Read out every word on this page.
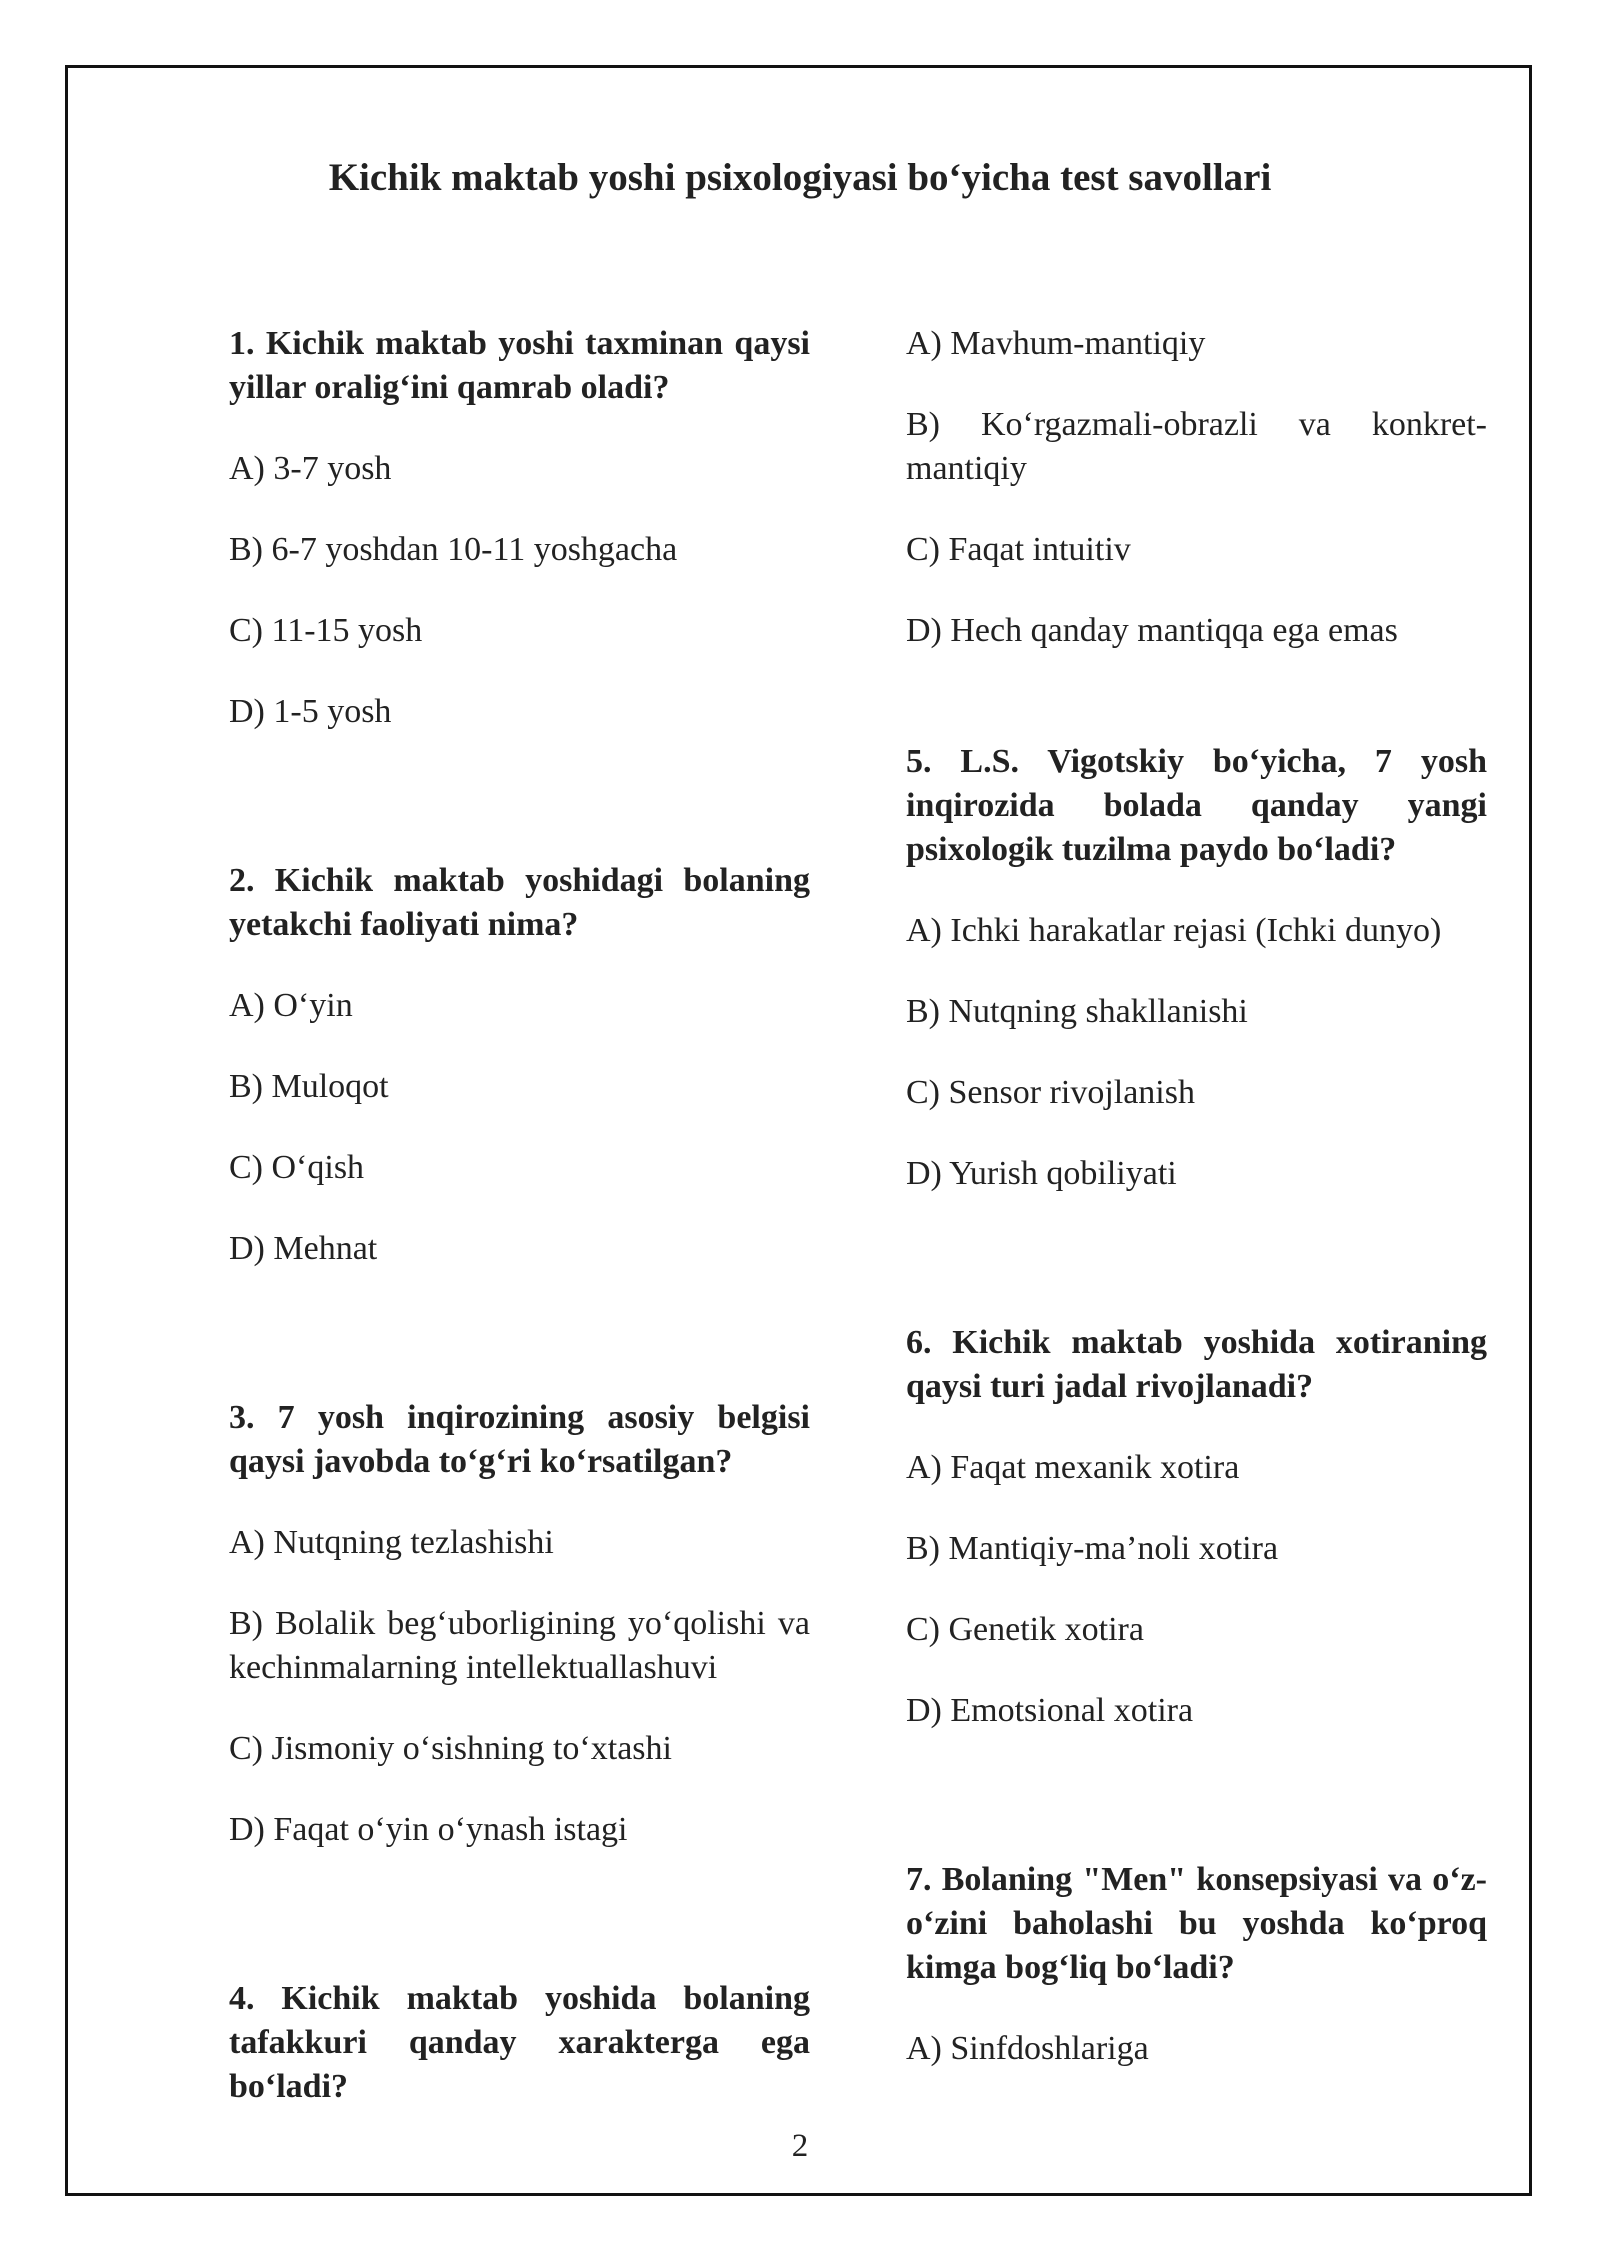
Kichik maktab yoshi psixologiyasi bo‘yicha test savollari

1. Kichik maktab yoshi taxminan qaysi yillar oralig‘ini qamrab oladi?

A) 3-7 yosh

B) 6-7 yoshdan 10-11 yoshgacha

C) 11-15 yosh

D) 1-5 yosh

2. Kichik maktab yoshidagi bolaning yetakchi faoliyati nima?

A) O‘yin

B) Muloqot

C) O‘qish

D) Mehnat

3. 7 yosh inqirozining asosiy belgisi qaysi javobda to‘g‘ri ko‘rsatilgan?

A) Nutqning tezlashishi

B) Bolalik beg‘uborligining yo‘qolishi va kechinmalarning intellektuallashuvi

C) Jismoniy o‘sishning to‘xtashi

D) Faqat o‘yin o‘ynash istagi

4. Kichik maktab yoshida bolaning tafakkuri qanday xarakterga ega bo‘ladi?

A) Mavhum-mantiqiy

B) Ko‘rgazmali-obrazli va konkret-mantiqiy

C) Faqat intuitiv

D) Hech qanday mantiqqa ega emas

5. L.S. Vigotskiy bo‘yicha, 7 yosh inqirozida bolada qanday yangi psixologik tuzilma paydo bo‘ladi?

A) Ichki harakatlar rejasi (Ichki dunyo)

B) Nutqning shakllanishi

C) Sensor rivojlanish

D) Yurish qobiliyati

6. Kichik maktab yoshida xotiraning qaysi turi jadal rivojlanadi?

A) Faqat mexanik xotira

B) Mantiqiy-ma’noli xotira

C) Genetik xotira

D) Emotsional xotira

7. Bolaning "Men" konsepsiyasi va o‘z-o‘zini baholashi bu yoshda ko‘proq kimga bog‘liq bo‘ladi?

A) Sinfdoshlariga

2
